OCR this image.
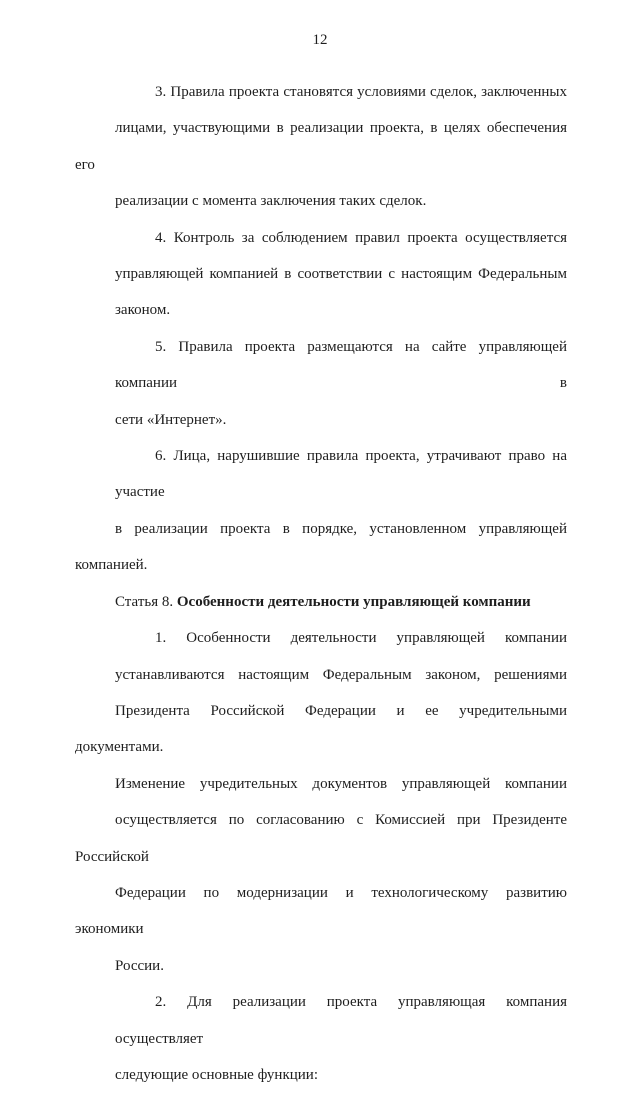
12
3. Правила проекта становятся условиями сделок, заключенных
лицами, участвующими в реализации проекта, в целях обеспечения его
реализации с момента заключения таких сделок.
4. Контроль за соблюдением правил проекта осуществляется
управляющей компанией в соответствии с настоящим Федеральным
законом.
5. Правила проекта размещаются на сайте управляющей компании в
сети «Интернет».
6. Лица, нарушившие правила проекта, утрачивают право на участие
в реализации проекта в порядке, установленном управляющей компанией.
Статья 8. Особенности деятельности управляющей компании
1. Особенности деятельности управляющей компании
устанавливаются настоящим Федеральным законом, решениями
Президента Российской Федерации и ее учредительными документами.
Изменение учредительных документов управляющей компании
осуществляется по согласованию с Комиссией при Президенте Российской
Федерации по модернизации и технологическому развитию экономики
России.
2. Для реализации проекта управляющая компания осуществляет
следующие основные функции:
